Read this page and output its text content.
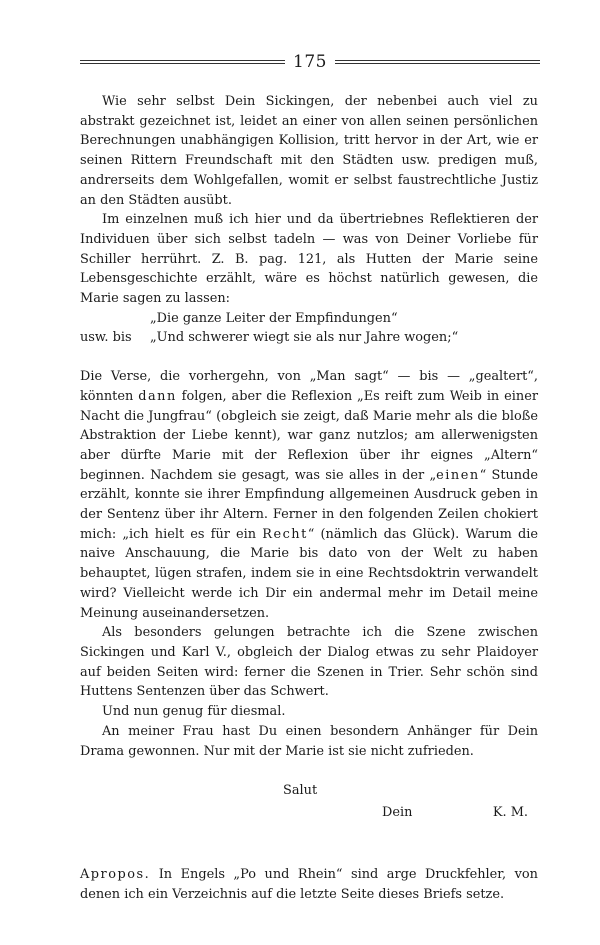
175

Wie sehr selbst Dein Sickingen, der nebenbei auch viel zu abstrakt gezeichnet ist, leidet an einer von allen seinen persönlichen Berechnungen unabhängigen Kollision, tritt hervor in der Art, wie er seinen Rittern Freundschaft mit den Städten usw. predigen muß, andrerseits dem Wohlgefallen, womit er selbst faustrechtliche Justiz an den Städten ausübt.

Im einzelnen muß ich hier und da übertriebnes Reflektieren der Individuen über sich selbst tadeln — was von Deiner Vorliebe für Schiller herrührt. Z. B. pag. 121, als Hutten der Marie seine Lebensgeschichte erzählt, wäre es höchst natürlich gewesen, die Marie sagen zu lassen:

„Die ganze Leiter der Empfindungen“

usw. bis	„Und schwerer wiegt sie als nur Jahre wogen;“

Die Verse, die vorhergehn, von „Man sagt“ — bis — „gealtert“, könnten dann folgen, aber die Reflexion „Es reift zum Weib in einer Nacht die Jungfrau“ (obgleich sie zeigt, daß Marie mehr als die bloße Abstraktion der Liebe kennt), war ganz nutzlos; am allerwenigsten aber dürfte Marie mit der Reflexion über ihr eignes „Altern“ beginnen. Nachdem sie gesagt, was sie alles in der „einen“ Stunde erzählt, konnte sie ihrer Empfindung allgemeinen Ausdruck geben in der Sentenz über ihr Altern. Ferner in den folgenden Zeilen chokiert mich: „ich hielt es für ein Recht“ (nämlich das Glück). Warum die naive Anschauung, die Marie bis dato von der Welt zu haben behauptet, lügen strafen, indem sie in eine Rechtsdoktrin verwandelt wird? Vielleicht werde ich Dir ein andermal mehr im Detail meine Meinung auseinandersetzen.

Als besonders gelungen betrachte ich die Szene zwischen Sickingen und Karl V., obgleich der Dialog etwas zu sehr Plaidoyer auf beiden Seiten wird: ferner die Szenen in Trier. Sehr schön sind Huttens Sentenzen über das Schwert.

Und nun genug für diesmal.

An meiner Frau hast Du einen besondern Anhänger für Dein Drama gewonnen. Nur mit der Marie ist sie nicht zufrieden.

Salut
Dein	K. M.

Apropos. In Engels „Po und Rhein“ sind arge Druckfehler, von denen ich ein Verzeichnis auf die letzte Seite dieses Briefs setze.
